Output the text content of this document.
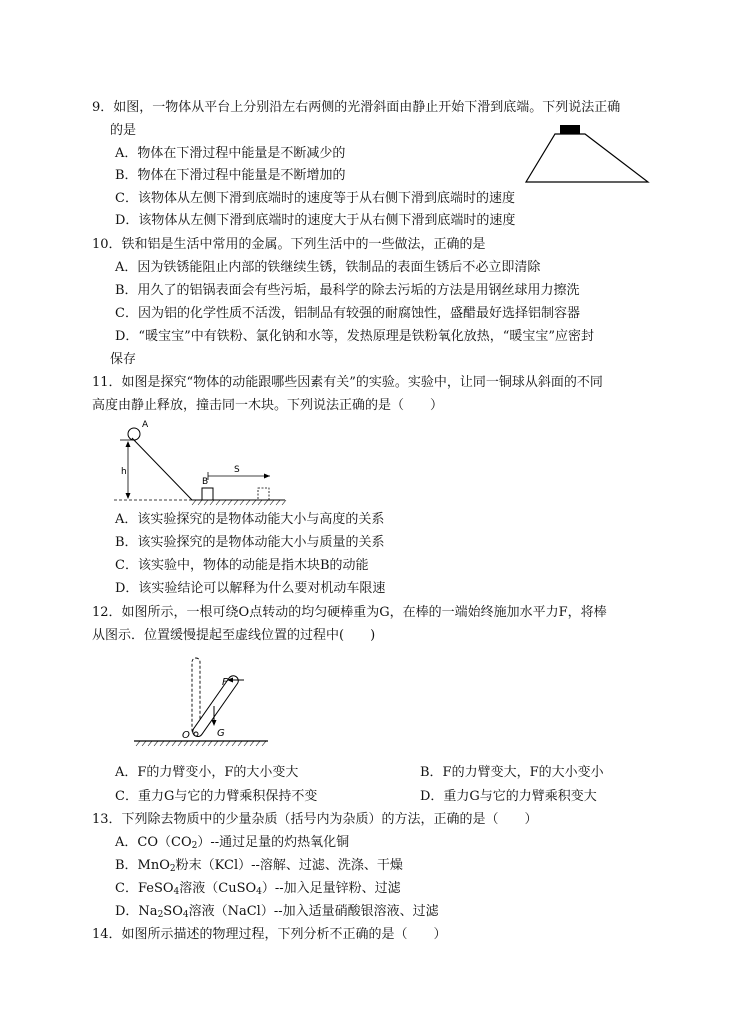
9．如图，一物体从平台上分别沿左右两侧的光滑斜面由静止开始下滑到底端。下列说法正确
的是
A．物体在下滑过程中能量是不断减少的
B．物体在下滑过程中能量是不断增加的
C．该物体从左侧下滑到底端时的速度等于从右侧下滑到底端时的速度
D．该物体从左侧下滑到底端时的速度大于从右侧下滑到底端时的速度
10．铁和铝是生活中常用的金属。下列生活中的一些做法，正确的是
A．因为铁锈能阻止内部的铁继续生锈，铁制品的表面生锈后不必立即清除
B．用久了的铝锅表面会有些污垢，最科学的除去污垢的方法是用钢丝球用力擦洗
C．因为铝的化学性质不活泼，铝制品有较强的耐腐蚀性，盛醋最好选择铝制容器
D．“暖宝宝”中有铁粉、氯化钠和水等，发热原理是铁粉氧化放热，“暖宝宝”应密封
保存
11．如图是探究“物体的动能跟哪些因素有关”的实验。实验中，让同一铜球从斜面的不同
高度由静止释放，撞击同一木块。下列说法正确的是（　　）
A
h
B
S
A．该实验探究的是物体动能大小与高度的关系
B．该实验探究的是物体动能大小与质量的关系
C．该实验中，物体的动能是指木块B的动能
D．该实验结论可以解释为什么要对机动车限速
12．如图所示，一根可绕O点转动的均匀硬棒重为G，在棒的一端始终施加水平力F，将棒
从图示．位置缓慢提起至虚线位置的过程中(　　)
F
G
O
A．F的力臂变小，F的大小变大	B．F的力臂变大，F的大小变小
C．重力G与它的力臂乘积保持不变	D．重力G与它的力臂乘积变大
13．下列除去物质中的少量杂质（括号内为杂质）的方法，正确的是（　　）
A．$CO(CO_2)--$通过足量的灼热氧化铜
B．MnO$_2$粉末（KCl）--溶解、过滤、洗涤、干燥
C．FeSO$_4$溶液（CuSO$_4$）--加入足量锌粉、过滤
D．$Na_2SO_4$溶液（NaCl）--加入适量硝酸银溶液、过滤
14．如图所示描述的物理过程，下列分析不正确的是（　　）
